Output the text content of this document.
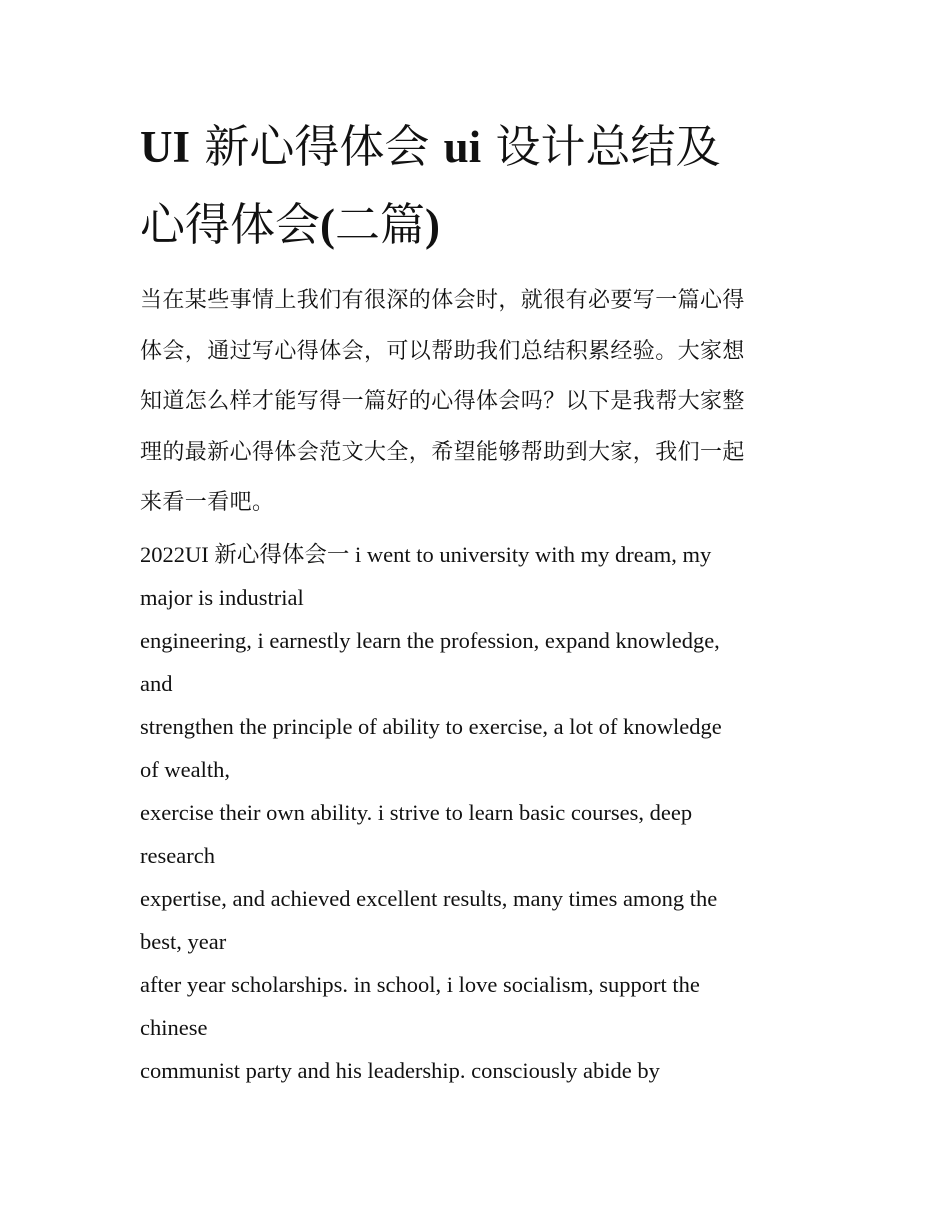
UI 新心得体会 ui 设计总结及
心得体会(二篇)

当在某些事情上我们有很深的体会时，就很有必要写一篇心得
体会，通过写心得体会，可以帮助我们总结积累经验。大家想
知道怎么样才能写得一篇好的心得体会吗？以下是我帮大家整
理的最新心得体会范文大全，希望能够帮助到大家，我们一起
来看一看吧。

2022UI 新心得体会一 i went to university with my dream, my
major is industrial
engineering, i earnestly learn the profession, expand knowledge,
and
strengthen the principle of ability to exercise, a lot of knowledge
of wealth,
exercise their own ability. i strive to learn basic courses, deep
research
expertise, and achieved excellent results, many times among the
best, year
after year scholarships. in school, i love socialism, support the
chinese
communist party and his leadership. consciously abide by
